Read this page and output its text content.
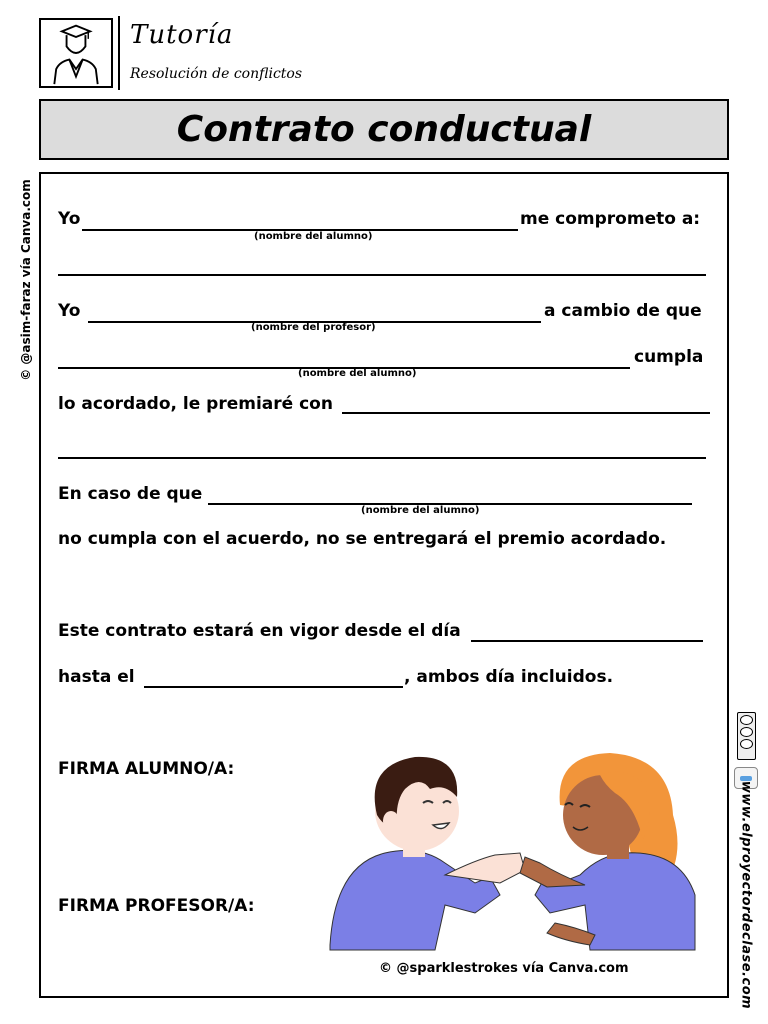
Tutoría
Resolución de conflictos
Contrato conductual
© @asim-faraz vía Canva.com
www.elproyectordeclase.com
Yo
(nombre del alumno)
me comprometo a:
Yo
(nombre del profesor)
a cambio de que
(nombre del alumno)
cumpla
lo acordado, le premiaré con
En caso de que
(nombre del alumno)
no cumpla con el acuerdo, no se entregará el premio acordado.
Este contrato estará en vigor desde el día
hasta el	, ambos día incluidos.
FIRMA ALUMNO/A:
FIRMA PROFESOR/A:
© @sparklestrokes vía Canva.com
